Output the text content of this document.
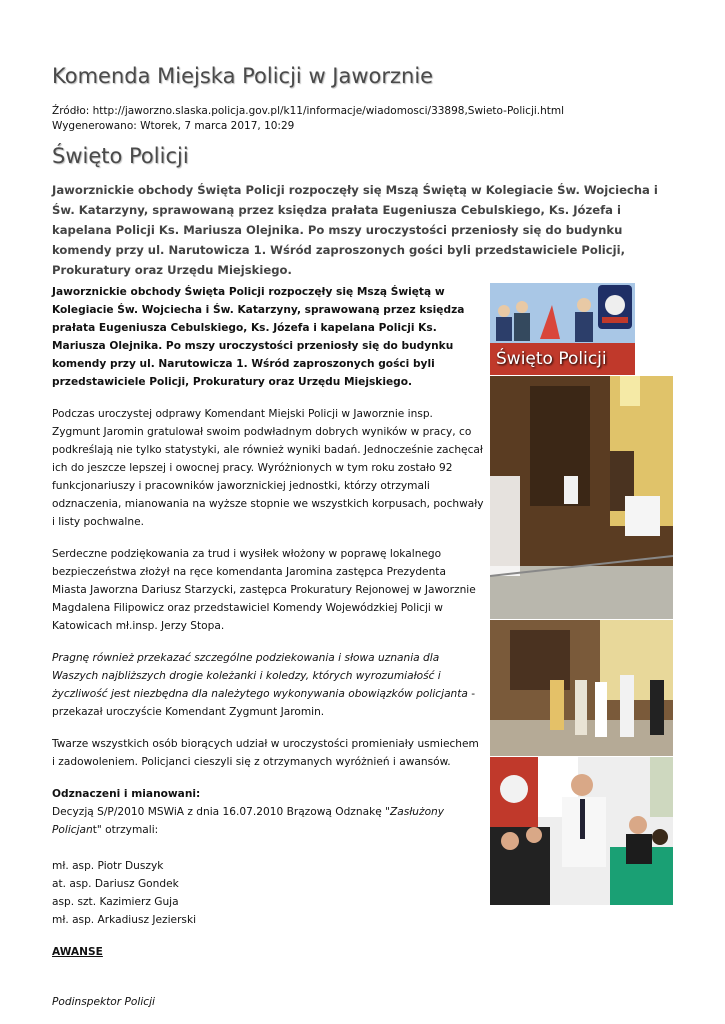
Komenda Miejska Policji w Jaworznie
Źródło: http://jaworzno.slaska.policja.gov.pl/k11/informacje/wiadomosci/33898,Swieto-Policji.html
Wygenerowano: Wtorek, 7 marca 2017, 10:29
Święto Policji
Jaworznickie obchody Święta Policji rozpoczęły się Mszą Świętą w Kolegiacie Św. Wojciecha i Św. Katarzyny, sprawowaną przez księdza prałata Eugeniusza Cebulskiego, Ks. Józefa i kapelana Policji Ks. Mariusza Olejnika. Po mszy uroczystości przeniosły się do budynku komendy przy ul. Narutowicza 1. Wśród zaproszonych gości byli przedstawiciele Policji, Prokuratury oraz Urzędu Miejskiego.

Jaworznickie obchody Święta Policji rozpoczęły się Mszą Świętą w Kolegiacie Św. Wojciecha i Św. Katarzyny, sprawowaną przez księdza prałata Eugeniusza Cebulskiego, Ks. Józefa i kapelana Policji Ks. Mariusza Olejnika. Po mszy uroczystości przeniosły się do budynku komendy przy ul. Narutowicza 1. Wśród zaproszonych gości byli przedstawiciele Policji, Prokuratury oraz Urzędu Miejskiego.

Podczas uroczystej odprawy Komendant Miejski Policji w Jaworznie insp. Zygmunt Jaromin gratulował swoim podwładnym dobrych wyników w pracy, co podkreślają nie tylko statystyki, ale również wyniki badań. Jednocześnie zachęcał ich do jeszcze lepszej i owocnej pracy. Wyróżnionych w tym roku zostało 92 funkcjonariuszy i pracowników jaworznickiej jednostki, którzy otrzymali odznaczenia, mianowania na wyższe stopnie we wszystkich korpusach, pochwały i listy pochwalne.

Serdeczne podziękowania za trud i wysiłek włożony w poprawę lokalnego bezpieczeństwa złożył na ręce komendanta Jaromina zastępca Prezydenta Miasta Jaworzna Dariusz Starzycki, zastępca Prokuratury Rejonowej w Jaworznie Magdalena Filipowicz oraz przedstawiciel Komendy Wojewódzkiej Policji w Katowicach mł.insp. Jerzy Stopa.

Pragnę również przekazać szczególne podziekowania i słowa uznania dla Waszych najbliższych drogie koleżanki i koledzy, których wyrozumiałość i życzliwość jest niezbędna dla należytego wykonywania obowiązków policjanta - przekazał uroczyście Komendant Zygmunt Jaromin.

Twarze wszystkich osób biorących udział w uroczystości promieniały usmiechem i zadowoleniem. Policjanci cieszyli się z otrzymanych wyróżnień i awansów.

Odznaczeni i mianowani:
Decyzją S/P/2010 MSWiA z dnia 16.07.2010 Brązową Odznakę "Zasłużony Policjant" otrzymali:
mł. asp. Piotr Duszyk
at. asp. Dariusz Gondek
asp. szt. Kazimierz Guja
mł. asp. Arkadiusz Jezierski
AWANSE
Podinspektor Policji
Święto Policji
